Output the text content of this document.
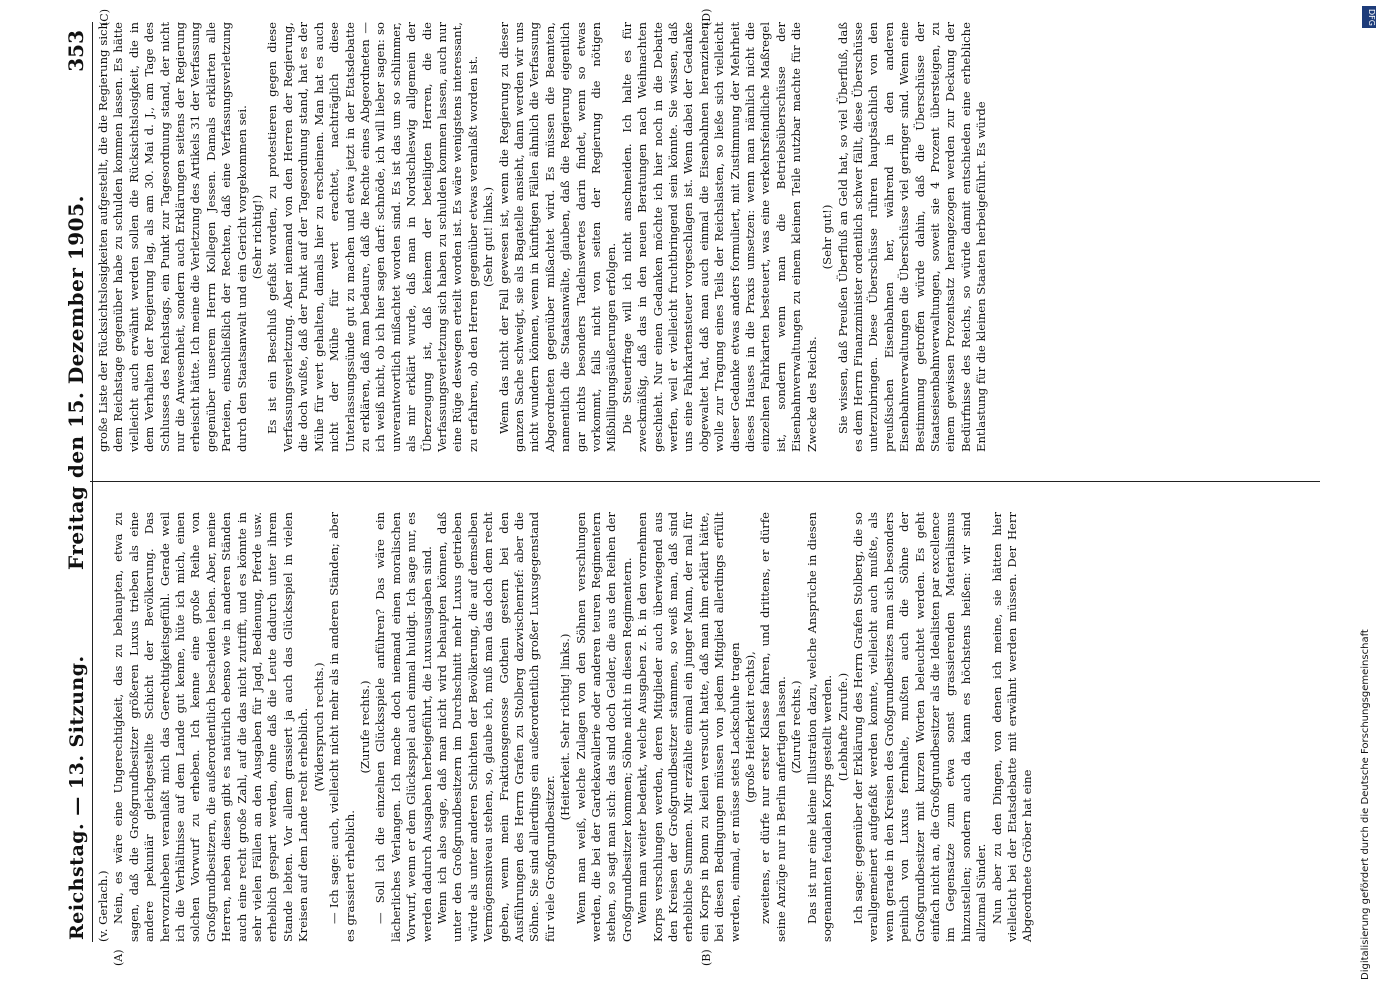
Reichstag. — 13. Sitzung.
Freitag den 15. Dezember 1905.
353
(A)	(B)
(C)	(D)

(v. Gerlach.) Nein, es wäre eine Ungerechtigkeit, das zu behaupten, etwa zu sagen, daß die Großgrundbesitzer größeren Luxus trieben als eine andere pekuniär gleichgestellte Schicht der Bevölkerung. Das hervorzuheben veranlaßt mich das Gerechtigkeitsgefühl. Gerade weil ich die Verhältnisse auf dem Lande gut kenne, hüte ich mich, einen solchen Vorwurf zu erheben. Ich kenne eine große Reihe von Großgrundbesitzern, die außerordentlich bescheiden leben. Aber, meine Herren, neben diesen gibt es natürlich ebenso wie in anderen Ständen auch eine recht große Zahl, auf die das nicht zutrifft, und es könnte in sehr vielen Fällen an den Ausgaben für Jagd, Bedienung, Pferde usw. erheblich gespart werden, ohne daß die Leute dadurch unter ihrem Stande lebten. Vor allem grassiert ja auch das Glücksspiel in vielen Kreisen auf dem Lande recht erheblich. (Widerspruch rechts.) — Ich sage: auch, vielleicht nicht mehr als in anderen Ständen; aber es grassiert erheblich.

(Zurufe rechts.) — Soll ich die einzelnen Glücksspiele anführen? Das wäre ein lächerliches Verlangen. Ich mache doch niemand einen moralischen Vorwurf, wenn er dem Glücksspiel auch einmal huldigt. Ich sage nur, es werden dadurch Ausgaben herbeigeführt, die Luxusausgaben sind. Wenn ich also sage, daß man nicht wird behaupten können, daß unter den Großgrundbesitzern im Durchschnitt mehr Luxus getrieben würde als unter anderen Schichten der Bevölkerung, die auf demselben Vermögensniveau stehen, so, glaube ich, muß man das doch dem recht geben, wenn mein Fraktionsgenosse Gothein gestern bei den Ausführungen des Herrn Grafen zu Stolberg dazwischenrief: aber die Söhne. Sie sind allerdings ein außerordentlich großer Luxusgegenstand für viele Großgrundbesitzer.

(Heiterkeit. Sehr richtig! links.) Wenn man weiß, welche Zulagen von den Söhnen verschlungen werden, die bei der Gardekavallerie oder anderen teuren Regimentern stehen, so sagt man sich: das sind doch Gelder, die aus den Reihen der Großgrundbesitzer kommen; Söhne nicht in diesen Regimentern. Wenn man weiter bedenkt, welche Ausgaben z. B. in den vornehmen Korps verschlungen werden, deren Mitglieder auch überwiegend aus den Kreisen der Großgrundbesitzer stammen, so weiß man, daß sind erhebliche Summen. Mir erzählte einmal ein junger Mann, der mal für ein Korps in Bonn zu keilen versucht hatte, daß man ihm erklärt hätte, bei diesen Bedingungen müssen von jedem Mitglied allerdings erfüllt werden, einmal, er müsse stets Lackschuhe tragen (große Heiterkeit rechts), zweitens, er dürfe nur erster Klasse fahren, und drittens, er dürfe seine Anzüge nur in Berlin anfertigen lassen. (Zurufe rechts.) Das ist nur eine kleine Illustration dazu, welche Ansprüche in diesen sogenannten feudalen Korps gestellt werden. (Lebhafte Zurufe.) Ich sage: gegenüber der Erklärung des Herrn Grafen Stolberg, die so verallgemeinert aufgefaßt werden konnte, vielleicht auch mußte, als wenn gerade in den Kreisen des Großgrundbesitzes man sich besonders peinlich von Luxus fernhalte, mußten auch die Söhne der Großgrundbesitzer mit kurzen Worten beleuchtet werden. Es geht einfach nicht an, die Großgrundbesitzer als die Idealisten par excellence im Gegensatze zum etwa sonst grassierenden Materialismus hinzustellen; sondern auch da kann es höchstens heißen: wir sind allzumal Sünder. Nun aber zu den Dingen, von denen ich meine, sie hätten hier vielleicht bei der Etatsdebatte mit erwähnt werden müssen. Der Herr Abgeordnete Gröber hat eine

große Liste der Rücksichtslosigkeiten aufgestellt, die die Regierung sich dem Reichstage gegenüber habe zu schulden kommen lassen. Es hätte vielleicht auch erwähnt werden sollen die Rücksichtslosigkeit, die in dem Verhalten der Regierung lag, als am 30. Mai d. J., am Tage des Schlusses des Reichstags, ein Punkt zur Tagesordnung stand, der nicht nur die Anwesenheit, sondern auch Erklärungen seitens der Regierung erheischt hätte. Ich meine die Verletzung des Artikels 31 der Verfassung gegenüber unserem Herrn Kollegen Jessen. Damals erklärten alle Parteien, einschließlich der Rechten, daß eine Verfassungsverletzung durch den Staatsanwalt und ein Gericht vorgekommen sei. (Sehr richtig!) Es ist ein Beschluß gefaßt worden, zu protestieren gegen diese Verfassungsverletzung. Aber niemand von den Herren der Regierung, die doch wußte, daß der Punkt auf der Tagesordnung stand, hat es der Mühe für wert gehalten, damals hier zu erscheinen. Man hat es auch nicht der Mühe für wert erachtet, nachträglich diese Unterlassungssünde gut zu machen und etwa jetzt in der Etatsdebatte zu erklären, daß man bedaure, daß die Rechte eines Abgeordneten — ich weiß nicht, ob ich hier sagen darf: schnöde, ich will lieber sagen: so unverantwortlich mißachtet worden sind. Es ist das um so schlimmer, als mir erklärt wurde, daß man in Nordschleswig allgemein der Überzeugung ist, daß keinem der beteiligten Herren, die die Verfassungsverletzung sich haben zu schulden kommen lassen, auch nur eine Rüge deswegen erteilt worden ist. Es wäre wenigstens interessant, zu erfahren, ob den Herren gegenüber etwas veranlaßt worden ist. (Sehr gut! links.) Wenn das nicht der Fall gewesen ist, wenn die Regierung zu dieser ganzen Sache schweigt, sie als Bagatelle ansieht, dann werden wir uns nicht wundern können, wenn in künftigen Fällen ähnlich die Verfassung Abgeordneten gegenüber mißachtet wird. Es müssen die Beamten, namentlich die Staatsanwälte, glauben, daß die Regierung eigentlich gar nichts besonders Tadelnswertes darin findet, wenn so etwas vorkommt, falls nicht von seiten der Regierung die nötigen Mißbilligungsäußerungen erfolgen. Die Steuerfrage will ich nicht anschneiden. Ich halte es für zweckmäßig, daß das in den neuen Beratungen nach Weihnachten geschieht. Nur einen Gedanken möchte ich hier noch in die Debatte werfen, weil er vielleicht fruchtbringend sein könnte. Sie wissen, daß uns eine Fahrkartensteuer vorgeschlagen ist. Wenn dabei der Gedanke obgewaltet hat, daß man auch einmal die Eisenbahnen heranziehen wolle zur Tragung eines Teils der Reichslasten, so ließe sich vielleicht dieser Gedanke etwas anders formuliert, mit Zustimmung der Mehrheit dieses Hauses in die Praxis umsetzen: wenn man nämlich nicht die einzelnen Fahrkarten besteuert, was eine verkehrsfeindliche Maßregel ist, sondern wenn man die Betriebsüberschüsse der Eisenbahnverwaltungen zu einem kleinen Teile nutzbar machte für die Zwecke des Reichs.

(Sehr gut!) Sie wissen, daß Preußen Überfluß an Geld hat, so viel Überfluß, daß es dem Herrn Finanzminister ordentlich schwer fällt, diese Überschüsse unterzubringen. Diese Überschüsse rühren hauptsächlich von den preußischen Eisenbahnen her, während in den anderen Eisenbahnverwaltungen die Überschüsse viel geringer sind. Wenn eine Bestimmung getroffen würde dahin, daß die Überschüsse der Staatseisenbahnverwaltungen, soweit sie 4 Prozent übersteigen, zu einem gewissen Prozentsatz herangezogen werden zur Deckung der Bedürfnisse des Reichs, so würde damit entschieden eine erhebliche Entlastung für die kleinen Staaten herbeigeführt. Es würde

Digitalisierung gefördert durch die Deutsche Forschungsgemeinschaft
DFG
